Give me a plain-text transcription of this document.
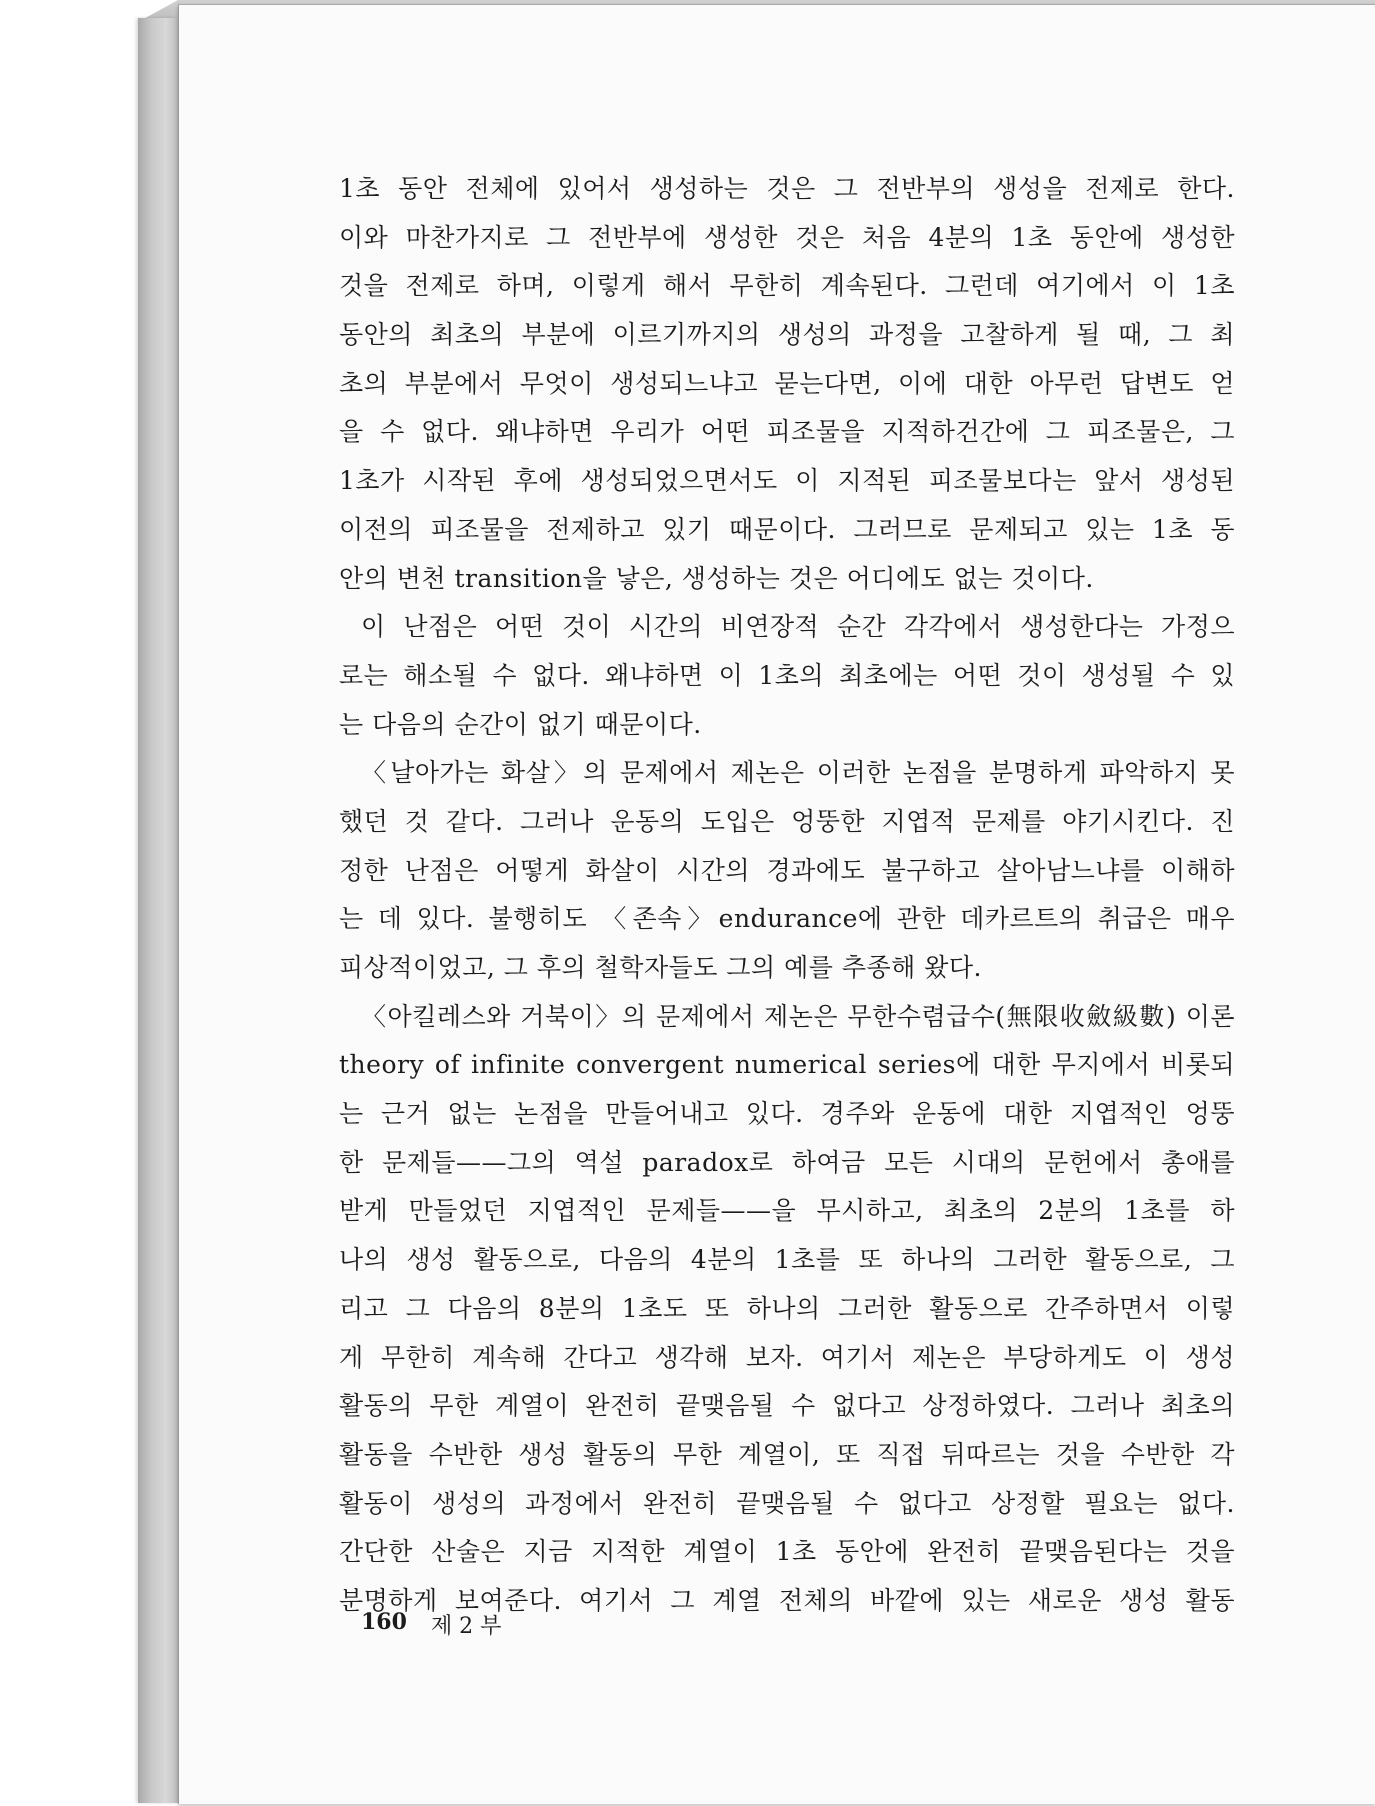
1초 동안 전체에 있어서 생성하는 것은 그 전반부의 생성을 전제로 한다.
이와 마찬가지로 그 전반부에 생성한 것은 처음 4분의 1초 동안에 생성한
것을 전제로 하며, 이렇게 해서 무한히 계속된다. 그런데 여기에서 이 1초
동안의 최초의 부분에 이르기까지의 생성의 과정을 고찰하게 될 때, 그 최
초의 부분에서 무엇이 생성되느냐고 묻는다면, 이에 대한 아무런 답변도 얻
을 수 없다. 왜냐하면 우리가 어떤 피조물을 지적하건간에 그 피조물은, 그
1초가 시작된 후에 생성되었으면서도 이 지적된 피조물보다는 앞서 생성된
이전의 피조물을 전제하고 있기 때문이다. 그러므로 문제되고 있는 1초 동
안의 변천 transition을 낳은, 생성하는 것은 어디에도 없는 것이다.
이 난점은 어떤 것이 시간의 비연장적 순간 각각에서 생성한다는 가정으
로는 해소될 수 없다. 왜냐하면 이 1초의 최초에는 어떤 것이 생성될 수 있
는 다음의 순간이 없기 때문이다.
〈날아가는 화살〉의 문제에서 제논은 이러한 논점을 분명하게 파악하지 못
했던 것 같다. 그러나 운동의 도입은 엉뚱한 지엽적 문제를 야기시킨다. 진
정한 난점은 어떻게 화살이 시간의 경과에도 불구하고 살아남느냐를 이해하
는 데 있다. 불행히도 〈존속〉endurance에 관한 데카르트의 취급은 매우
피상적이었고, 그 후의 철학자들도 그의 예를 추종해 왔다.
〈아킬레스와 거북이〉의 문제에서 제논은 무한수렴급수(無限收斂級數) 이론
theory of infinite convergent numerical series에 대한 무지에서 비롯되
는 근거 없는 논점을 만들어내고 있다. 경주와 운동에 대한 지엽적인 엉뚱
한 문제들——그의 역설 paradox로 하여금 모든 시대의 문헌에서 총애를
받게 만들었던 지엽적인 문제들——을 무시하고, 최초의 2분의 1초를 하
나의 생성 활동으로, 다음의 4분의 1초를 또 하나의 그러한 활동으로, 그
리고 그 다음의 8분의 1초도 또 하나의 그러한 활동으로 간주하면서 이렇
게 무한히 계속해 간다고 생각해 보자. 여기서 제논은 부당하게도 이 생성
활동의 무한 계열이 완전히 끝맺음될 수 없다고 상정하였다. 그러나 최초의
활동을 수반한 생성 활동의 무한 계열이, 또 직접 뒤따르는 것을 수반한 각
활동이 생성의 과정에서 완전히 끝맺음될 수 없다고 상정할 필요는 없다.
간단한 산술은 지금 지적한 계열이 1초 동안에 완전히 끝맺음된다는 것을
분명하게 보여준다. 여기서 그 계열 전체의 바깥에 있는 새로운 생성 활동
160 제 2 부
